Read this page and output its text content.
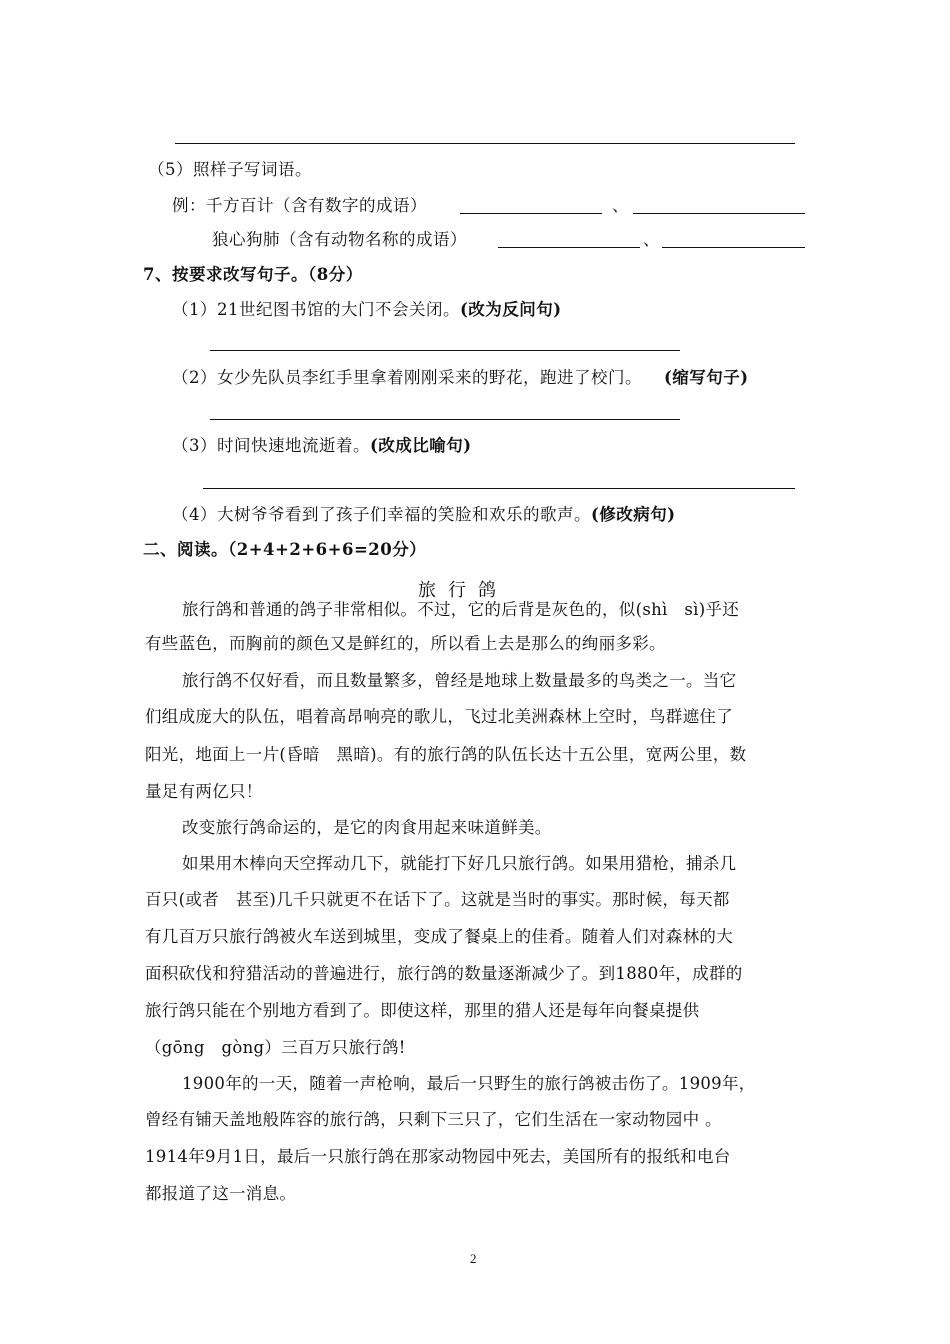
（5）照样子写词语。
例：千方百计（含有数字的成语）	、
狼心狗肺（含有动物名称的成语）	、
7、按要求改写句子。（8分）
（1）21世纪图书馆的大门不会关闭。(改为反问句)
（2）女少先队员李红手里拿着刚刚采来的野花，跑进了校门。 (缩写句子)
（3）时间快速地流逝着。(改成比喻句)
（4）大树爷爷看到了孩子们幸福的笑脸和欢乐的歌声。(修改病句)
二、阅读。（2+4+2+6+6=20分）
旅行鸽
旅行鸽和普通的鸽子非常相似。不过，它的后背是灰色的，似(shì　sì)乎还
有些蓝色，而胸前的颜色又是鲜红的，所以看上去是那么的绚丽多彩。
旅行鸽不仅好看，而且数量繁多，曾经是地球上数量最多的鸟类之一。当它
们组成庞大的队伍，唱着高昂响亮的歌儿，飞过北美洲森林上空时，鸟群遮住了
阳光，地面上一片(昏暗　黑暗)。有的旅行鸽的队伍长达十五公里，宽两公里，数
量足有两亿只！
改变旅行鸽命运的，是它的肉食用起来味道鲜美。
如果用木棒向天空挥动几下，就能打下好几只旅行鸽。如果用猎枪，捕杀几
百只(或者　甚至)几千只就更不在话下了。这就是当时的事实。那时候，每天都
有几百万只旅行鸽被火车送到城里，变成了餐桌上的佳肴。随着人们对森林的大
面积砍伐和狩猎活动的普遍进行，旅行鸽的数量逐渐减少了。到1880年，成群的
旅行鸽只能在个别地方看到了。即使这样，那里的猎人还是每年向餐桌提供
（gōng　gòng）三百万只旅行鸽!
1900年的一天，随着一声枪响，最后一只野生的旅行鸽被击伤了。1909年，
曾经有铺天盖地般阵容的旅行鸽，只剩下三只了，它们生活在一家动物园中 。
1914年9月1日，最后一只旅行鸽在那家动物园中死去，美国所有的报纸和电台
都报道了这一消息。
2
